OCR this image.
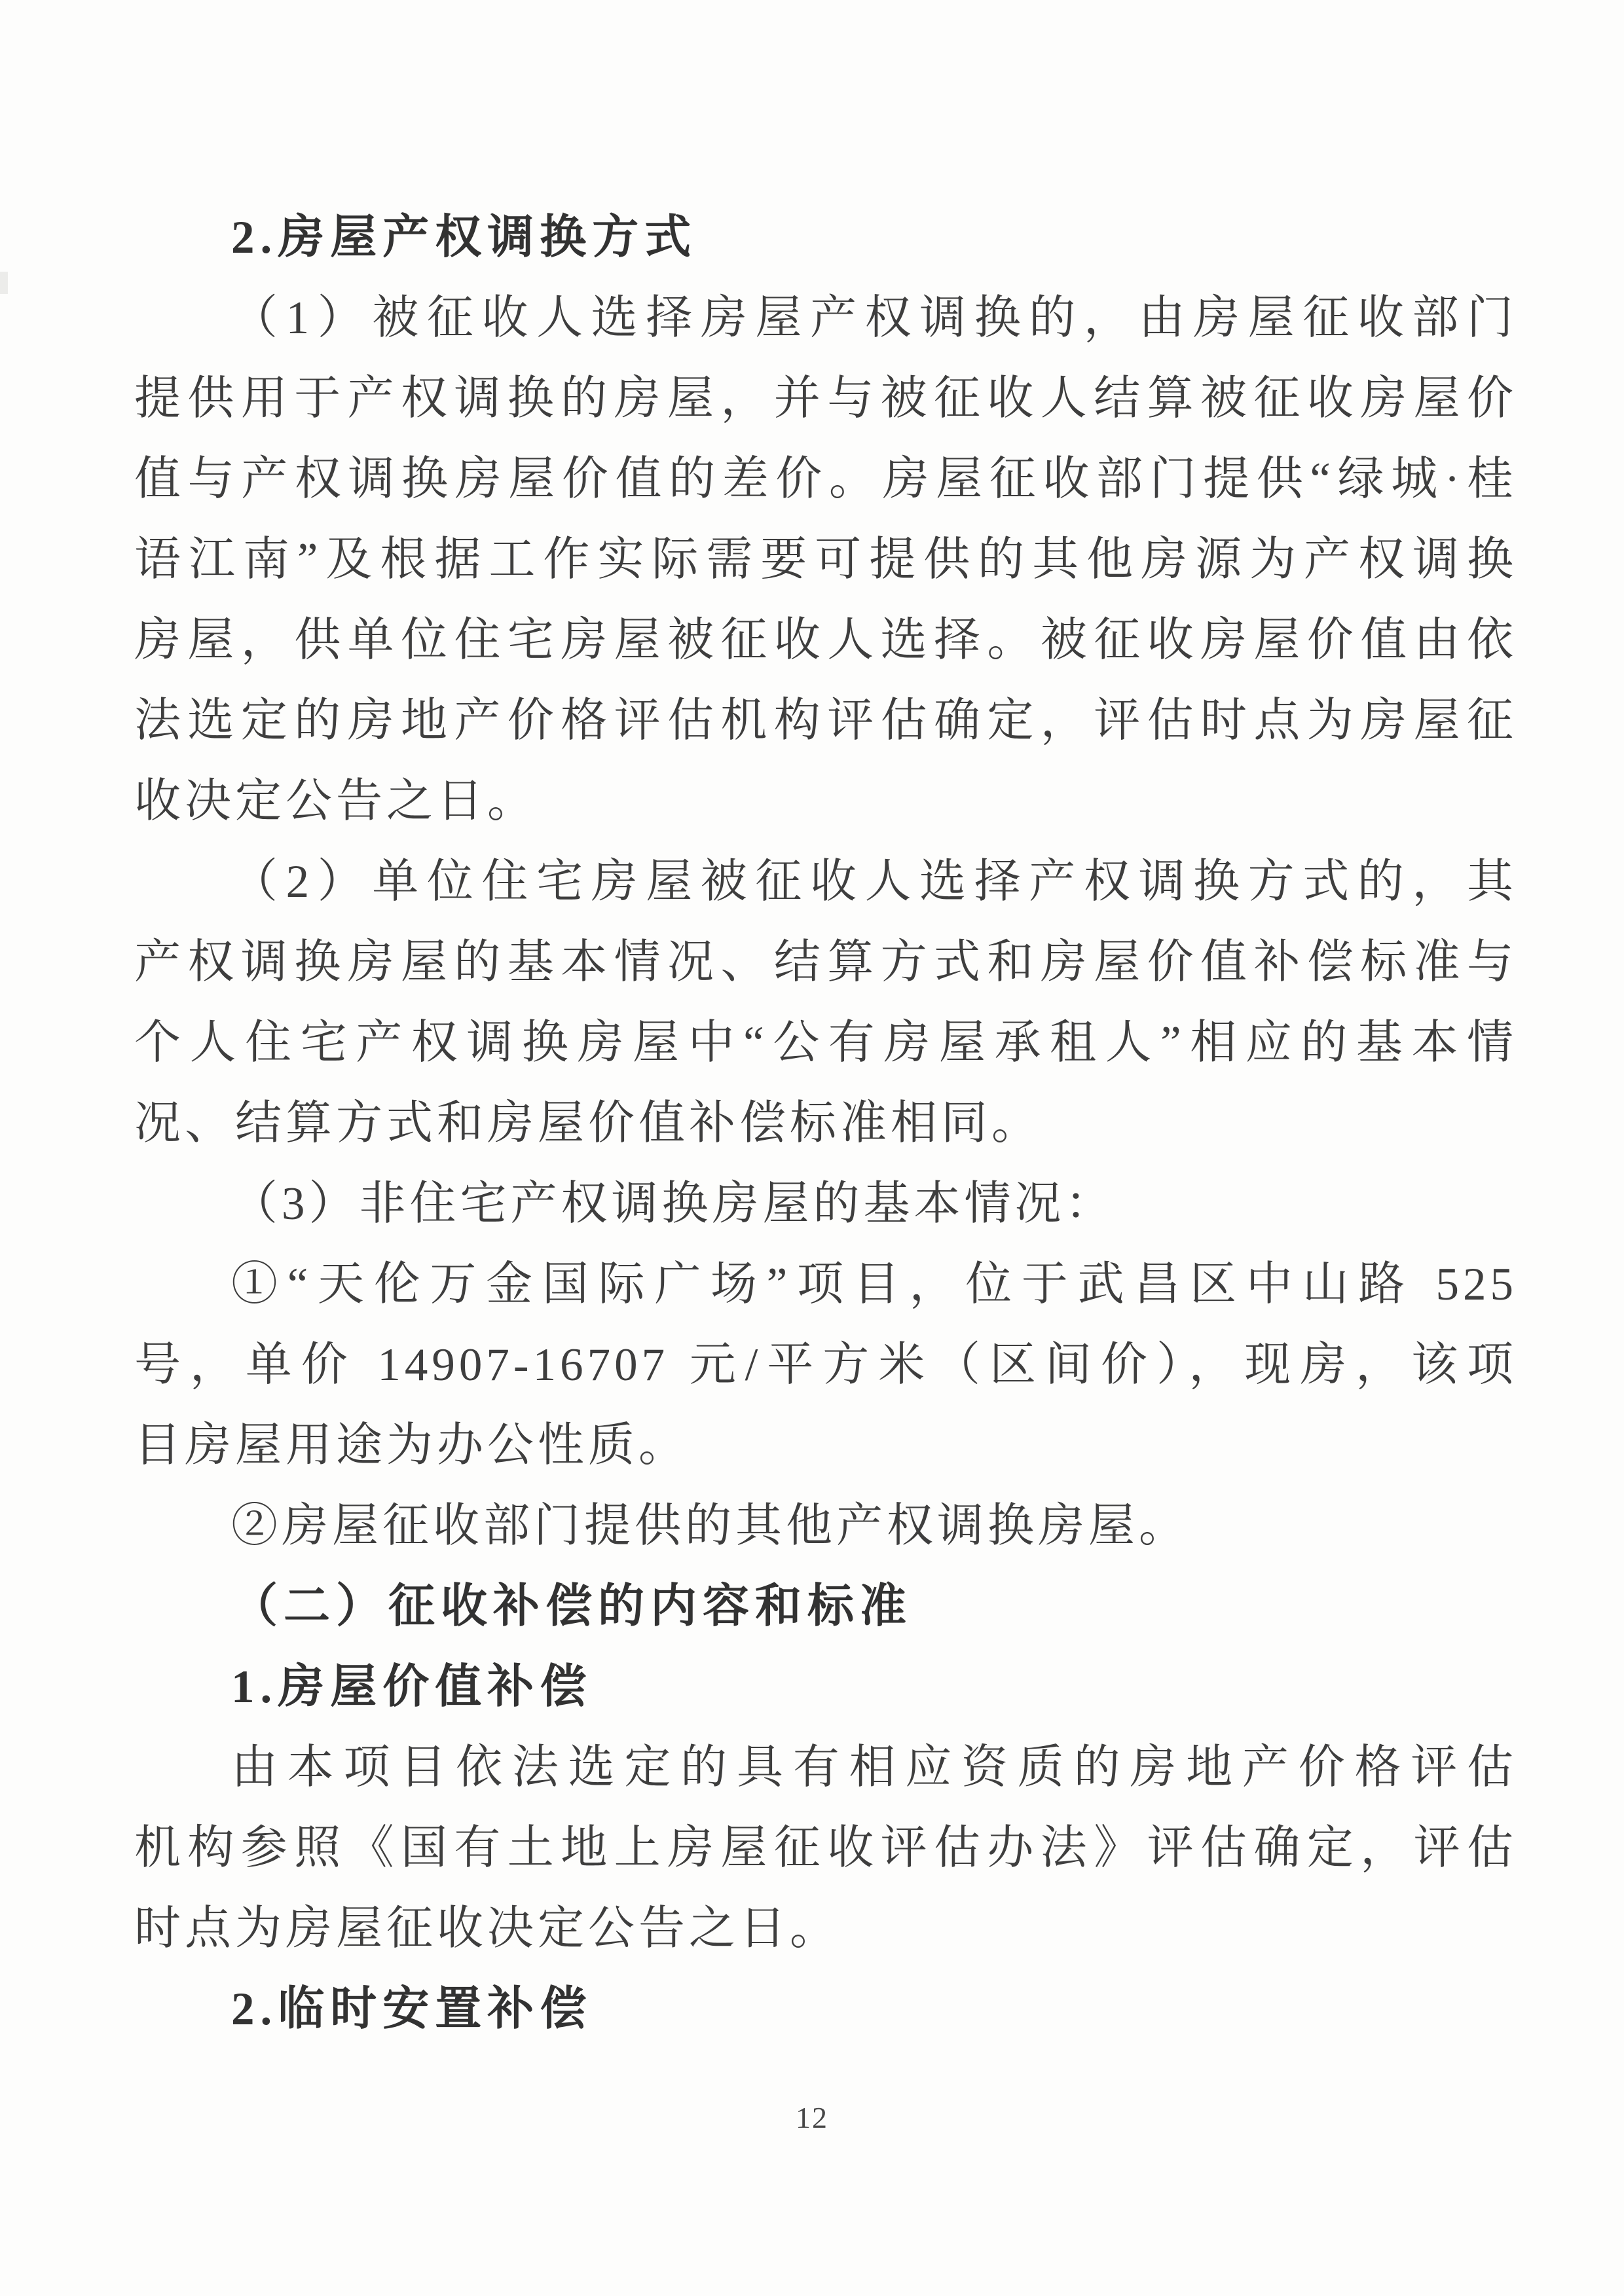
2.房屋产权调换方式
（1）被征收人选择房屋产权调换的，由房屋征收部门
提供用于产权调换的房屋，并与被征收人结算被征收房屋价
值与产权调换房屋价值的差价。房屋征收部门提供“绿城·桂
语江南”及根据工作实际需要可提供的其他房源为产权调换
房屋，供单位住宅房屋被征收人选择。被征收房屋价值由依
法选定的房地产价格评估机构评估确定，评估时点为房屋征
收决定公告之日。
（2）单位住宅房屋被征收人选择产权调换方式的，其
产权调换房屋的基本情况、结算方式和房屋价值补偿标准与
个人住宅产权调换房屋中“公有房屋承租人”相应的基本情
况、结算方式和房屋价值补偿标准相同。
（3）非住宅产权调换房屋的基本情况：
①“天伦万金国际广场”项目，位于武昌区中山路 525
号，单价 14907-16707 元/平方米（区间价），现房，该项
目房屋用途为办公性质。
②房屋征收部门提供的其他产权调换房屋。
（二）征收补偿的内容和标准
1.房屋价值补偿
由本项目依法选定的具有相应资质的房地产价格评估
机构参照《国有土地上房屋征收评估办法》评估确定，评估
时点为房屋征收决定公告之日。
2.临时安置补偿
12
